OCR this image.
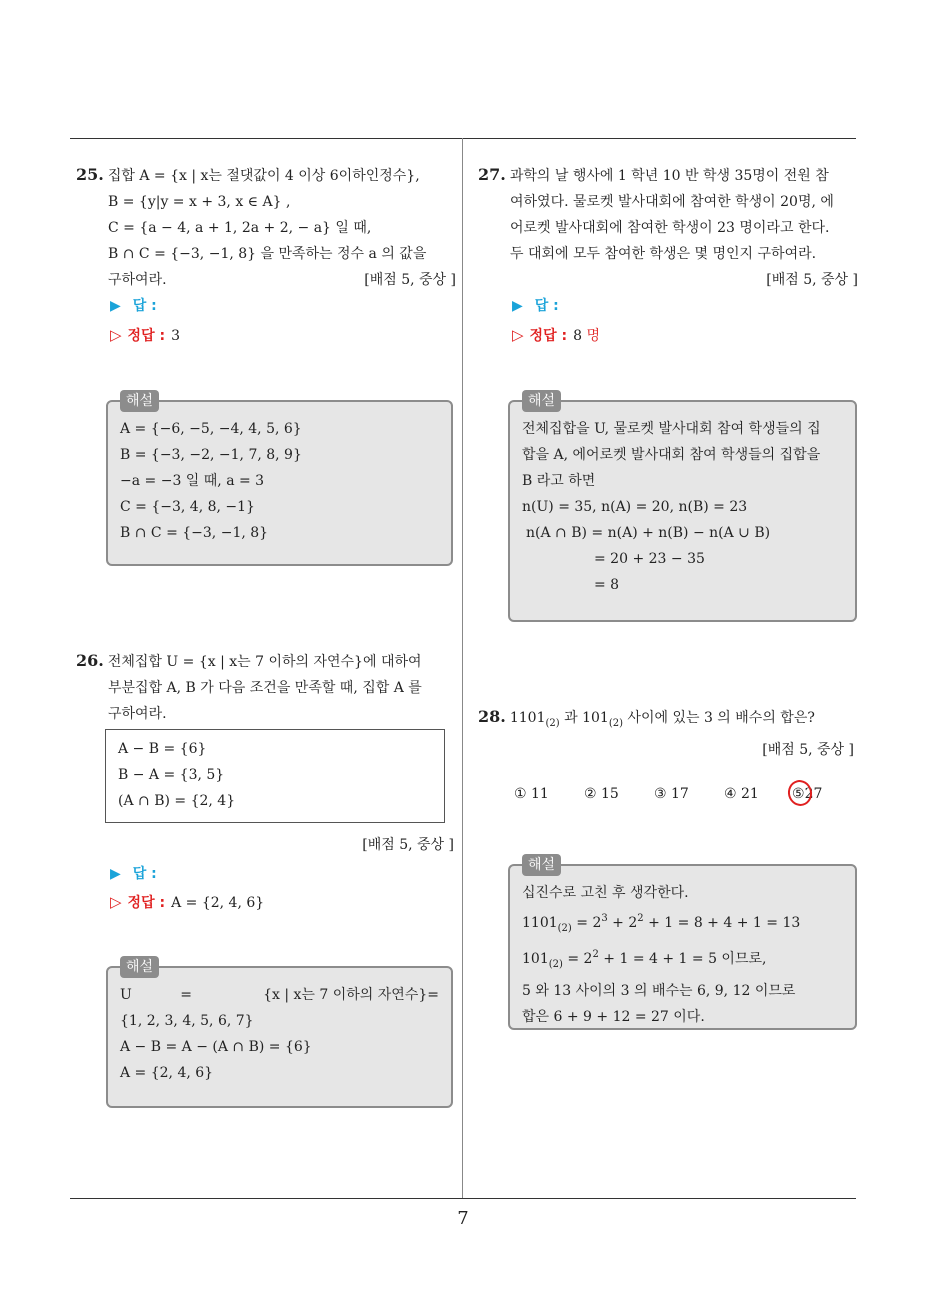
7
25. 집합 A = {x | x는 절댓값이 4 이상 6이하인정수},
B = {y|y = x + 3, x ∈ A} ,
C = {a − 4, a + 1, 2a + 2, − a} 일 때,
B ∩ C = {−3, −1, 8} 을 만족하는 정수 a 의 값을
구하여라.	[배점 5, 중상 ]
▶ 답 :
▷ 정답 : 3
해설
A = {−6, −5, −4, 4, 5, 6}
B = {−3, −2, −1, 7, 8, 9}
−a = −3 일 때, a = 3
C = {−3, 4, 8, −1}
B ∩ C = {−3, −1, 8}
26. 전체집합 U = {x | x는 7 이하의 자연수}에 대하여
부분집합 A, B 가 다음 조건을 만족할 때, 집합 A 를
구하여라.
A − B = {6}
B − A = {3, 5}
(A ∩ B) = {2, 4}
[배점 5, 중상 ]
▶ 답 :
▷ 정답 : A = {2, 4, 6}
해설
U	=	{x | x는 7 이하의 자연수}=
{1, 2, 3, 4, 5, 6, 7}
A − B = A − (A ∩ B) = {6}
A = {2, 4, 6}
27. 과학의 날 행사에 1 학년 10 반 학생 35명이 전원 참
여하였다. 물로켓 발사대회에 참여한 학생이 20명, 에
어로켓 발사대회에 참여한 학생이 23 명이라고 한다.
두 대회에 모두 참여한 학생은 몇 명인지 구하여라.
[배점 5, 중상 ]
▶ 답 :
▷ 정답 : 8 명
해설
전체집합을 U, 물로켓 발사대회 참여 학생들의 집
합을 A, 에어로켓 발사대회 참여 학생들의 집합을
B 라고 하면
n(U) = 35, n(A) = 20, n(B) = 23
n(A ∩ B) = n(A) + n(B) − n(A ∪ B)
= 20 + 23 − 35
= 8
28. $1101_{(2)}$ 과 $101_{(2)}$ 사이에 있는 3 의 배수의 합은?
[배점 5, 중상 ]
① 11	② 15	③ 17	④ 21	⑤27
해설
십진수로 고친 후 생각한다.
$1101_{(2)} = 2^3 + 2^2 + 1 = 8 + 4 + 1 = 13$
$101_{(2)} = 2^2 + 1 = 4 + 1 = 5$ 이므로,
5 와 13 사이의 3 의 배수는 6, 9, 12 이므로
합은 6 + 9 + 12 = 27 이다.
